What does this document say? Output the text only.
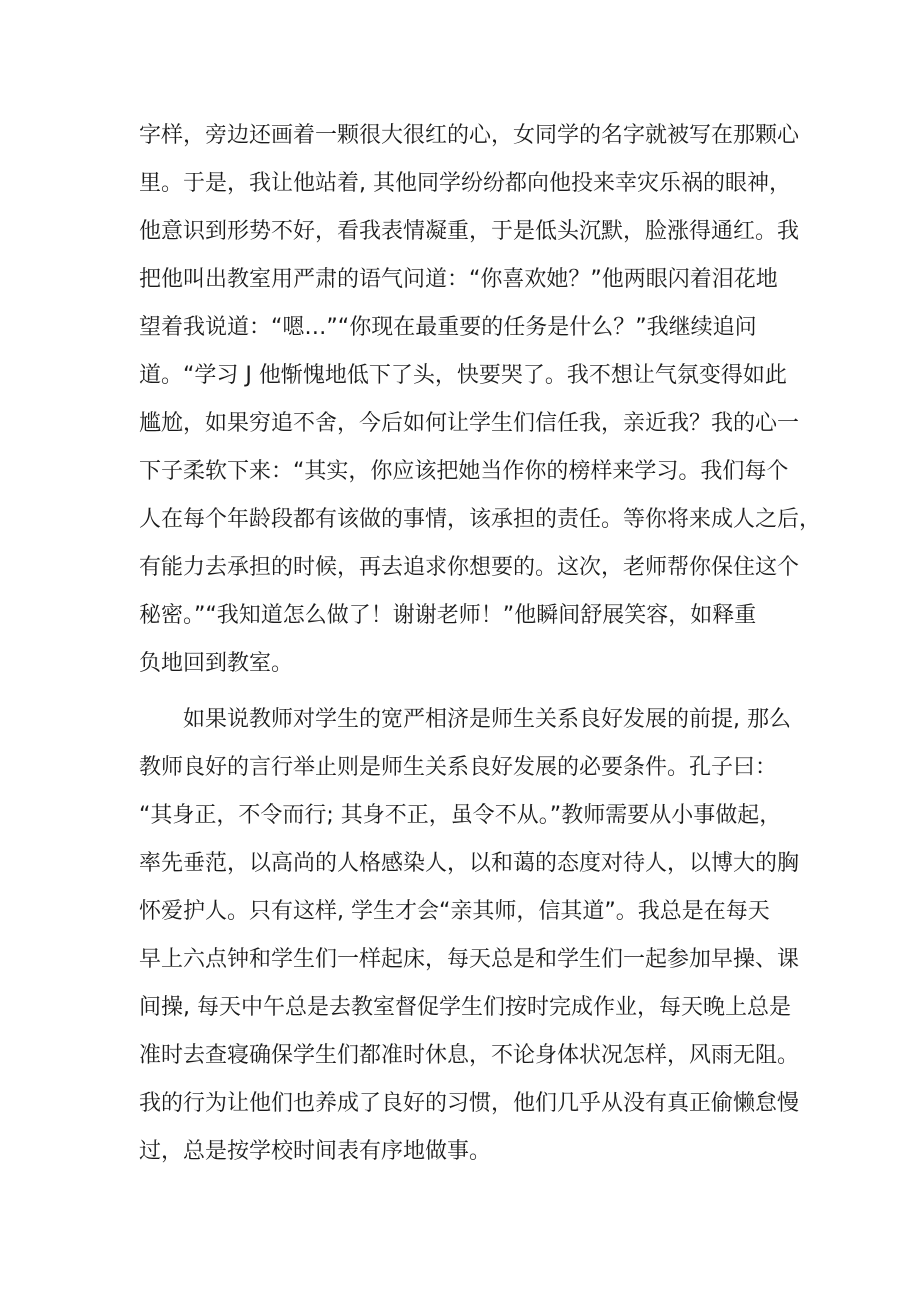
字样，旁边还画着一颗很大很红的心，女同学的名字就被写在那颗心
里。于是，我让他站着, 其他同学纷纷都向他投来幸灾乐祸的眼神，
他意识到形势不好，看我表情凝重，于是低头沉默，脸涨得通红。我
把他叫出教室用严肃的语气问道：“你喜欢她？”他两眼闪着泪花地
望着我说道：“嗯…”“你现在最重要的任务是什么？”我继续追问
道。“学习 J 他惭愧地低下了头，快要哭了。我不想让气氛变得如此
尴尬，如果穷追不舍，今后如何让学生们信任我，亲近我？我的心一
下子柔软下来：“其实，你应该把她当作你的榜样来学习。我们每个
人在每个年龄段都有该做的事情，该承担的责任。等你将来成人之后，
有能力去承担的时候，再去追求你想要的。这次，老师帮你保住这个
秘密。”“我知道怎么做了！谢谢老师！”他瞬间舒展笑容，如释重
负地回到教室。
　　如果说教师对学生的宽严相济是师生关系良好发展的前提, 那么
教师良好的言行举止则是师生关系良好发展的必要条件。孔子曰：
“其身正，不令而行; 其身不正，虽令不从。”教师需要从小事做起，
率先垂范，以高尚的人格感染人，以和蔼的态度对待人，以博大的胸
怀爱护人。只有这样, 学生才会“亲其师，信其道”。我总是在每天
早上六点钟和学生们一样起床，每天总是和学生们一起参加早操、课
间操, 每天中午总是去教室督促学生们按时完成作业，每天晚上总是
准时去查寝确保学生们都准时休息，不论身体状况怎样，风雨无阻。
我的行为让他们也养成了良好的习惯，他们几乎从没有真正偷懒怠慢
过，总是按学校时间表有序地做事。
